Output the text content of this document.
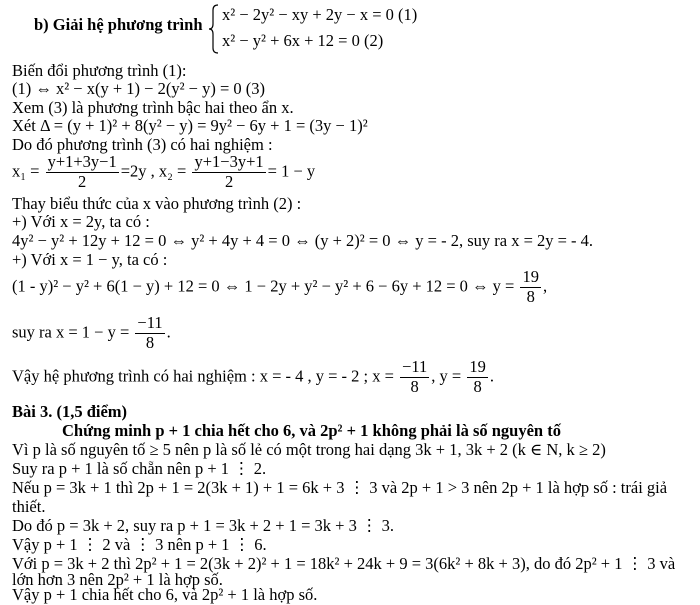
b) Giải hệ phương trình
x² − 2y² − xy + 2y − x = 0 (1)
x² − y² + 6x + 12 = 0 (2)
Biến đổi phương trình (1):
(1) ⇔ x² − x(y + 1) − 2(y² − y) = 0 (3)
Xem (3) là phương trình bậc hai theo ẩn x.
Xét Δ = (y + 1)² + 8(y² − y) = 9y² − 6y + 1 = (3y − 1)²
Do đó phương trình (3) có hai nghiệm :
$x_1 = \frac{y+1+3y-1}{2} =2y$ , $x_2 = \frac{y+1-3y+1}{2} = 1 - y$
Thay biểu thức của x vào phương trình (2) :
+) Với x = 2y, ta có :
4y² − y² + 12y + 12 = 0 ⇔ y² + 4y + 4 = 0 ⇔ (y + 2)² = 0 ⇔ y = - 2, suy ra x = 2y = - 4.
+) Với x = 1 − y, ta có :
(1 - y)² − y² + 6(1 − y) + 12 = 0 ⇔ 1 − 2y + y² − y² + 6 − 6y + 12 = 0 ⇔ $y = \frac{19}{8}$ ,
suy ra $x = 1 - y = \frac{-11}{8}$ .
Vậy hệ phương trình có hai nghiệm : x = - 4 , y = - 2 ; $x = \frac{-11}{8}$ , $y = \frac{19}{8}$ .
Bài 3. (1,5 điểm)
Chứng minh p + 1 chia hết cho 6, và 2p² + 1 không phải là số nguyên tố
Vì p là số nguyên tố ≥ 5 nên p là số lẻ có một trong hai dạng 3k + 1, 3k + 2 (k ∈ N, k ≥ 2)
Suy ra p + 1 là số chẵn nên p + 1 ⋮ 2.
Nếu p = 3k + 1 thì 2p + 1 = 2(3k + 1) + 1 = 6k + 3 ⋮ 3 và 2p + 1 > 3 nên 2p + 1 là hợp số : trái giả
thiết.
Do đó p = 3k + 2, suy ra p + 1 = 3k + 2 + 1 = 3k + 3 ⋮ 3.
Vậy p + 1 ⋮ 2 và ⋮ 3 nên p + 1 ⋮ 6.
Với p = 3k + 2 thì 2p² + 1 = 2(3k + 2)² + 1 = 18k² + 24k + 9 = 3(6k² + 8k + 3), do đó 2p² + 1 ⋮ 3 và
lớn hơn 3 nên 2p² + 1 là hợp số.
Vậy p + 1 chia hết cho 6, và 2p² + 1 là hợp số.
